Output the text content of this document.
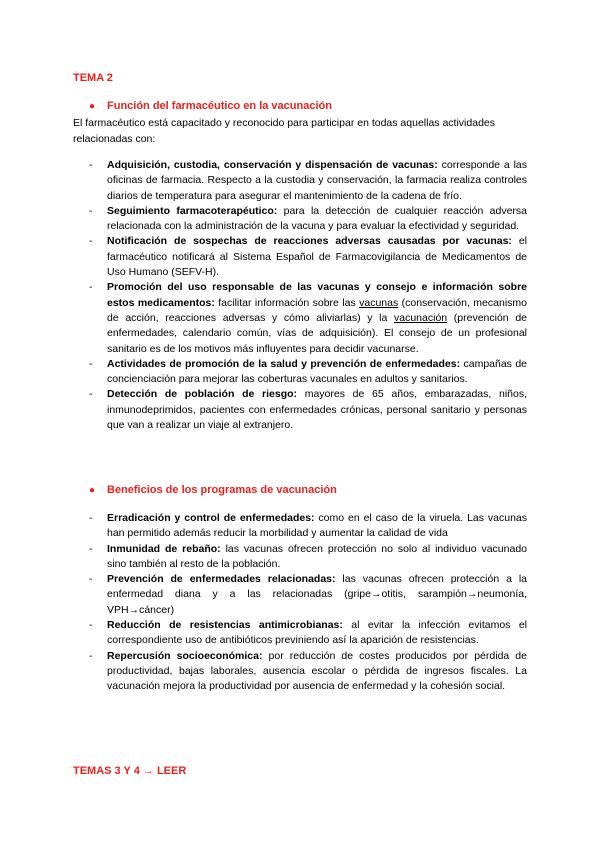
TEMA 2
● Función del farmacéutico en la vacunación
El farmacéutico está capacitado y reconocido para participar en todas aquellas actividades relacionadas con:
- Adquisición, custodia, conservación y dispensación de vacunas: corresponde a las oficinas de farmacia. Respecto a la custodia y conservación, la farmacia realiza controles diarios de temperatura para asegurar el mantenimiento de la cadena de frío.
- Seguimiento farmacoterapéutico: para la detección de cualquier reacción adversa relacionada con la administración de la vacuna y para evaluar la efectividad y seguridad.
- Notificación de sospechas de reacciones adversas causadas por vacunas: el farmacéutico notificará al Sistema Español de Farmacovigilancia de Medicamentos de Uso Humano (SEFV-H).
- Promoción del uso responsable de las vacunas y consejo e información sobre estos medicamentos: facilitar información sobre las vacunas (conservación, mecanismo de acción, reacciones adversas y cómo aliviarlas) y la vacunación (prevención de enfermedades, calendario común, vías de adquisición). El consejo de un profesional sanitario es de los motivos más influyentes para decidir vacunarse.
- Actividades de promoción de la salud y prevención de enfermedades: campañas de concienciación para mejorar las coberturas vacunales en adultos y sanitarios.
- Detección de población de riesgo: mayores de 65 años, embarazadas, niños, inmunodeprimidos, pacientes con enfermedades crónicas, personal sanitario y personas que van a realizar un viaje al extranjero.
● Beneficios de los programas de vacunación
- Erradicación y control de enfermedades: como en el caso de la viruela. Las vacunas han permitido además reducir la morbilidad y aumentar la calidad de vida
- Inmunidad de rebaño: las vacunas ofrecen protección no solo al individuo vacunado sino también al resto de la población.
- Prevención de enfermedades relacionadas: las vacunas ofrecen protección a la enfermedad diana y a las relacionadas (gripe→otitis, sarampión→neumonía, VPH→cáncer)
- Reducción de resistencias antimicrobianas: al evitar la infección evitamos el correspondiente uso de antibióticos previniendo así la aparición de resistencias.
- Repercusión socioeconómica: por reducción de costes producidos por pérdida de productividad, bajas laborales, ausencia escolar o pérdida de ingresos fiscales. La vacunación mejora la productividad por ausencia de enfermedad y la cohesión social.
TEMAS 3 Y 4 → LEER
